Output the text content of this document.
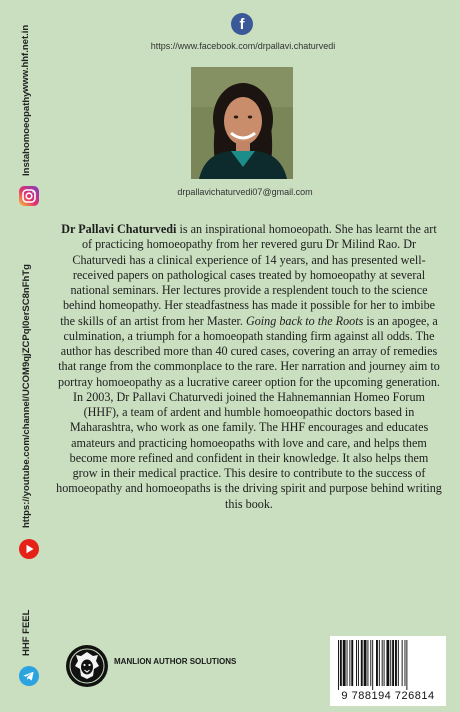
www.hhf.net.in
Instahomoeopathy
https://youtube.com/channel/UCOM9qjZCPqI0erSC8nFhTg
HHF FEEL
f
https://www.facebook.com/drpallavi.chaturvedi
drpallavichaturvedi07@gmail.com

Dr Pallavi Chaturvedi is an inspirational homoeopath. She has learnt the art of practicing homoeopathy from her revered guru Dr Milind Rao. Dr Chaturvedi has a clinical experience of 14 years, and has presented well-received papers on pathological cases treated by homoeopathy at several national seminars. Her lectures provide a resplendent touch to the science behind homeopathy. Her steadfastness has made it possible for her to imbibe the skills of an artist from her Master. Going back to the Roots is an apogee, a culmination, a triumph for a homoeopath standing firm against all odds. The author has described more than 40 cured cases, covering an array of remedies that range from the commonplace to the rare. Her narration and journey aim to portray homoeopathy as a lucrative career option for the upcoming generation.

In 2003, Dr Pallavi Chaturvedi joined the Hahnemannian Homeo Forum (HHF), a team of ardent and humble homoeopathic doctors based in Maharashtra, who work as one family. The HHF encourages and educates amateurs and practicing homoeopaths with love and care, and helps them become more refined and confident in their knowledge. It also helps them grow in their medical practice. This desire to contribute to the success of homoeopathy and homoeopaths is the driving spirit and purpose behind writing this book.

MANLION AUTHOR SOLUTIONS
9 788194 726814
